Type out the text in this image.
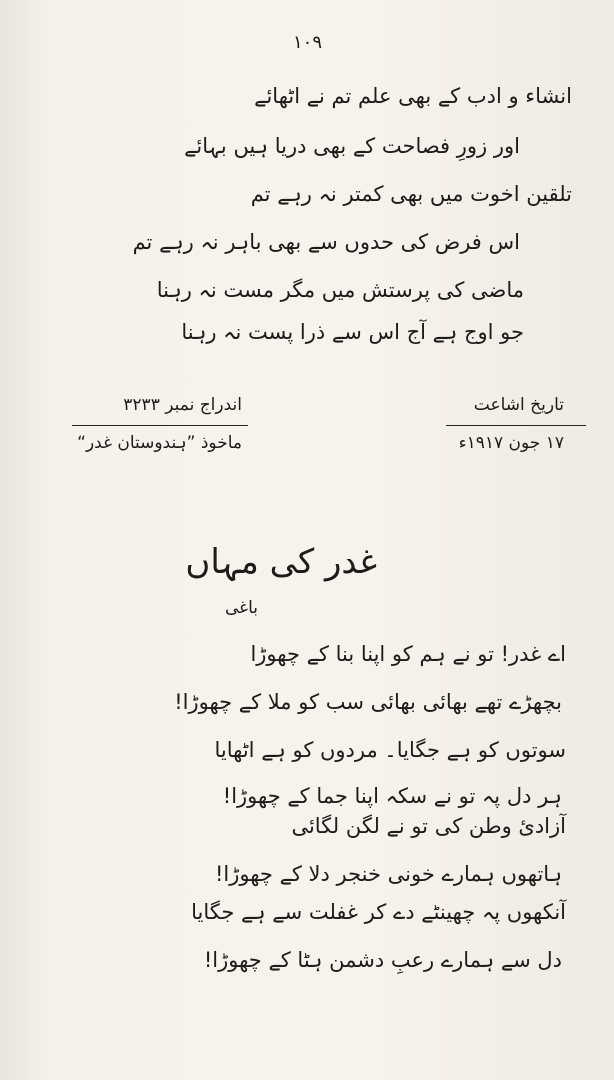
۱۰۹
انشاء و ادب کے بھی علم تم نے اٹھائے
اور زورِ فصاحت کے بھی دریا ہیں بہائے
تلقین اخوت میں بھی کمتر نہ رہے تم
اس فرض کی حدوں سے بھی باہر نہ رہے تم
ماضی کی پرستش میں مگر مست نہ رہنا
جو اوج ہے آج اس سے ذرا پست نہ رہنا
تاریخ اشاعت
۱۷ جون ۱۹۱۷ء
اندراج نمبر ۳۲۳۳
ماخوذ ”ہندوستان غدر“
غدر کی مہاں
باغی
اے غدر! تو نے ہم کو اپنا بنا کے چھوڑا
بچھڑے تھے بھائی بھائی سب کو ملا کے چھوڑا!
سوتوں کو ہے جگایا۔ مردوں کو ہے اٹھایا
ہر دل پہ تو نے سکہ اپنا جما کے چھوڑا!
آزادئ وطن کی تو نے لگن لگائی
ہاتھوں ہمارے خونی خنجر دلا کے چھوڑا!
آنکھوں پہ چھینٹے دے کر غفلت سے ہے جگایا
دل سے ہمارے رعبِ دشمن ہٹا کے چھوڑا!
